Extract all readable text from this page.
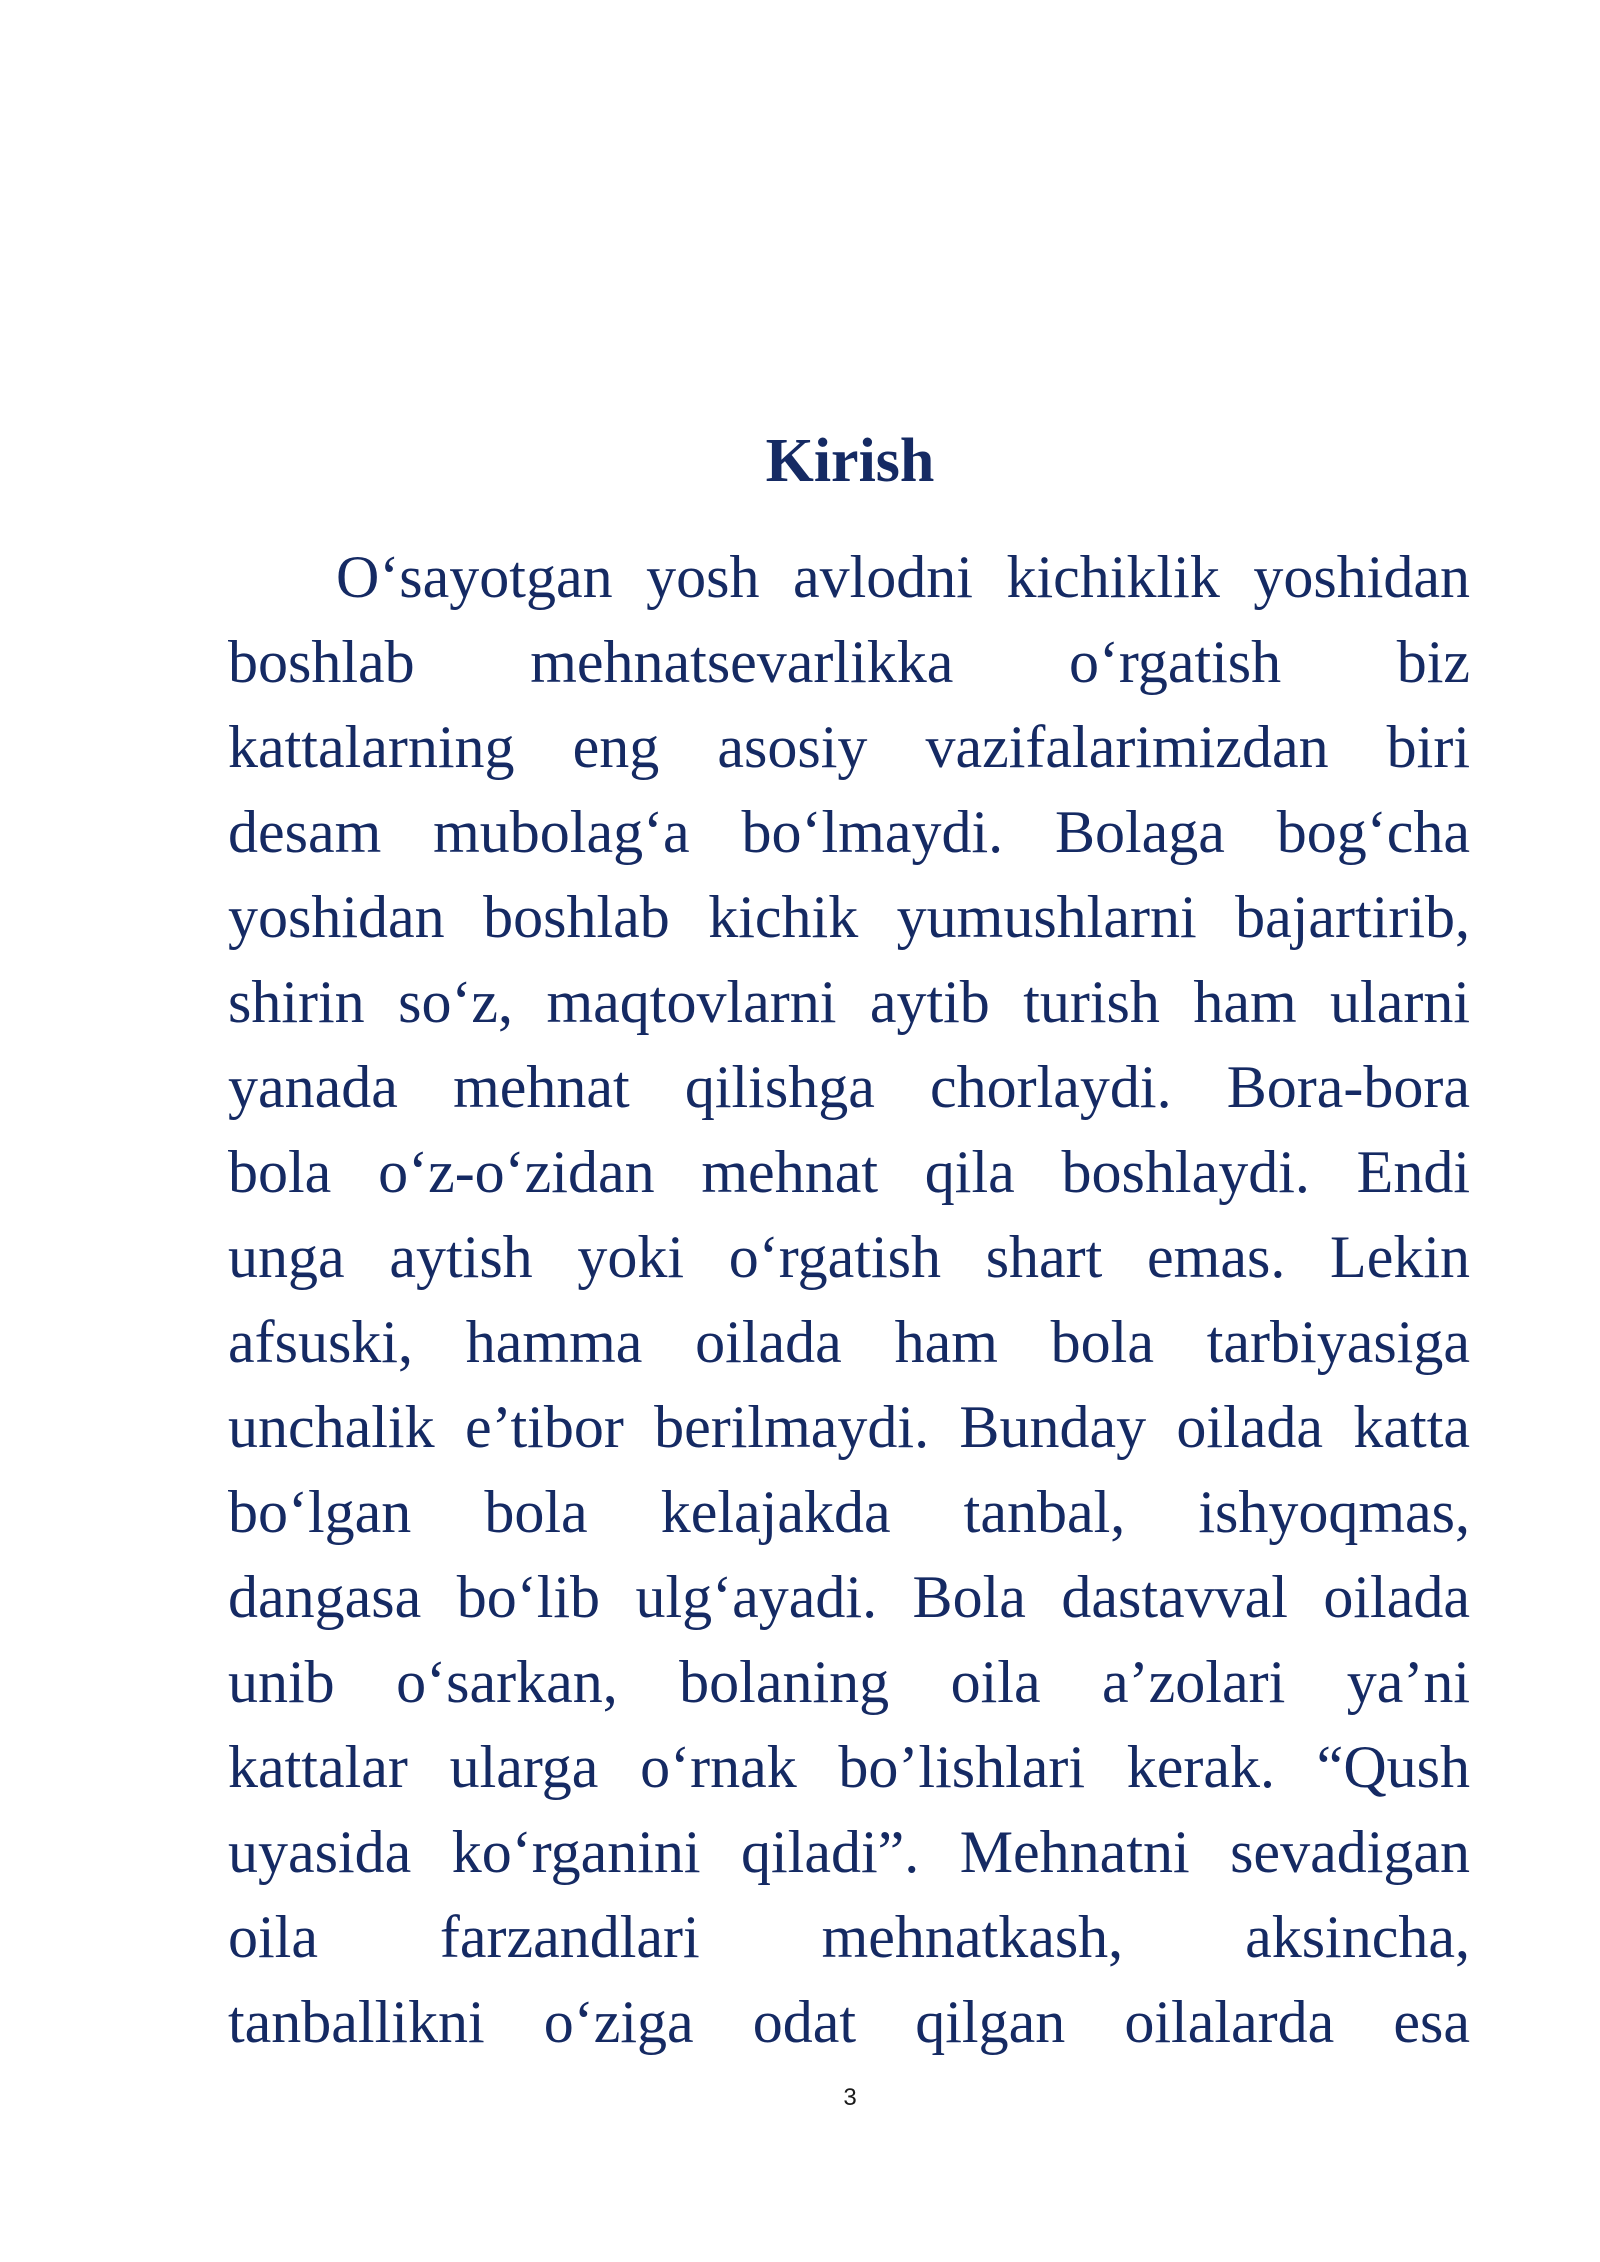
Kirish
O‘sayotgan yosh avlodni kichiklik yoshidan
boshlab mehnatsevarlikka o‘rgatish biz
kattalarning eng asosiy vazifalarimizdan biri
desam mubolag‘a bo‘lmaydi. Bolaga bog‘cha
yoshidan boshlab kichik yumushlarni bajartirib,
shirin so‘z, maqtovlarni aytib turish ham ularni
yanada mehnat qilishga chorlaydi. Bora-bora
bola o‘z-o‘zidan mehnat qila boshlaydi. Endi
unga aytish yoki o‘rgatish shart emas. Lekin
afsuski, hamma oilada ham bola tarbiyasiga
unchalik e’tibor berilmaydi. Bunday oilada katta
bo‘lgan bola kelajakda tanbal, ishyoqmas,
dangasa bo‘lib ulg‘ayadi. Bola dastavval oilada
unib o‘sarkan, bolaning oila a’zolari ya’ni
kattalar ularga o‘rnak bo’lishlari kerak. “Qush
uyasida ko‘rganini qiladi”. Mehnatni sevadigan
oila farzandlari mehnatkash, aksincha,
tanballikni o‘ziga odat qilgan oilalarda esa
3
